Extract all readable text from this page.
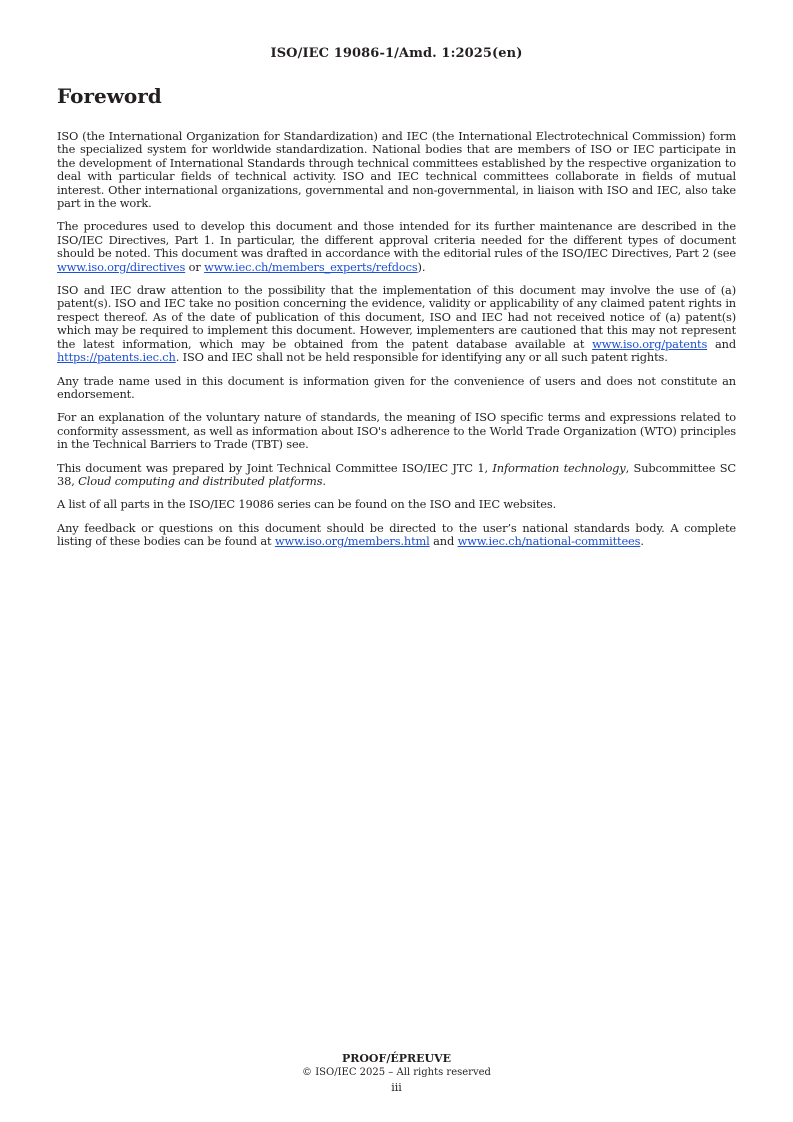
ISO/IEC 19086-1/Amd. 1:2025(en)
Foreword

ISO (the International Organization for Standardization) and IEC (the International Electrotechnical Commission) form the specialized system for worldwide standardization. National bodies that are members of ISO or IEC participate in the development of International Standards through technical committees established by the respective organization to deal with particular fields of technical activity. ISO and IEC technical committees collaborate in fields of mutual interest. Other international organizations, governmental and non-governmental, in liaison with ISO and IEC, also take part in the work.

The procedures used to develop this document and those intended for its further maintenance are described in the ISO/IEC Directives, Part 1. In particular, the different approval criteria needed for the different types of document should be noted. This document was drafted in accordance with the editorial rules of the ISO/IEC Directives, Part 2 (see www.iso.org/directives or www.iec.ch/members_experts/refdocs).

ISO and IEC draw attention to the possibility that the implementation of this document may involve the use of (a) patent(s). ISO and IEC take no position concerning the evidence, validity or applicability of any claimed patent rights in respect thereof. As of the date of publication of this document, ISO and IEC had not received notice of (a) patent(s) which may be required to implement this document. However, implementers are cautioned that this may not represent the latest information, which may be obtained from the patent database available at www.iso.org/patents and https://patents.iec.ch. ISO and IEC shall not be held responsible for identifying any or all such patent rights.

Any trade name used in this document is information given for the convenience of users and does not constitute an endorsement.

For an explanation of the voluntary nature of standards, the meaning of ISO specific terms and expressions related to conformity assessment, as well as information about ISO's adherence to the World Trade Organization (WTO) principles in the Technical Barriers to Trade (TBT) see.

This document was prepared by Joint Technical Committee ISO/IEC JTC 1, Information technology, Subcommittee SC 38, Cloud computing and distributed platforms.

A list of all parts in the ISO/IEC 19086 series can be found on the ISO and IEC websites.

Any feedback or questions on this document should be directed to the user’s national standards body. A complete listing of these bodies can be found at www.iso.org/members.html and www.iec.ch/national-committees.

PROOF/ÉPREUVE
© ISO/IEC 2025 – All rights reserved
iii
